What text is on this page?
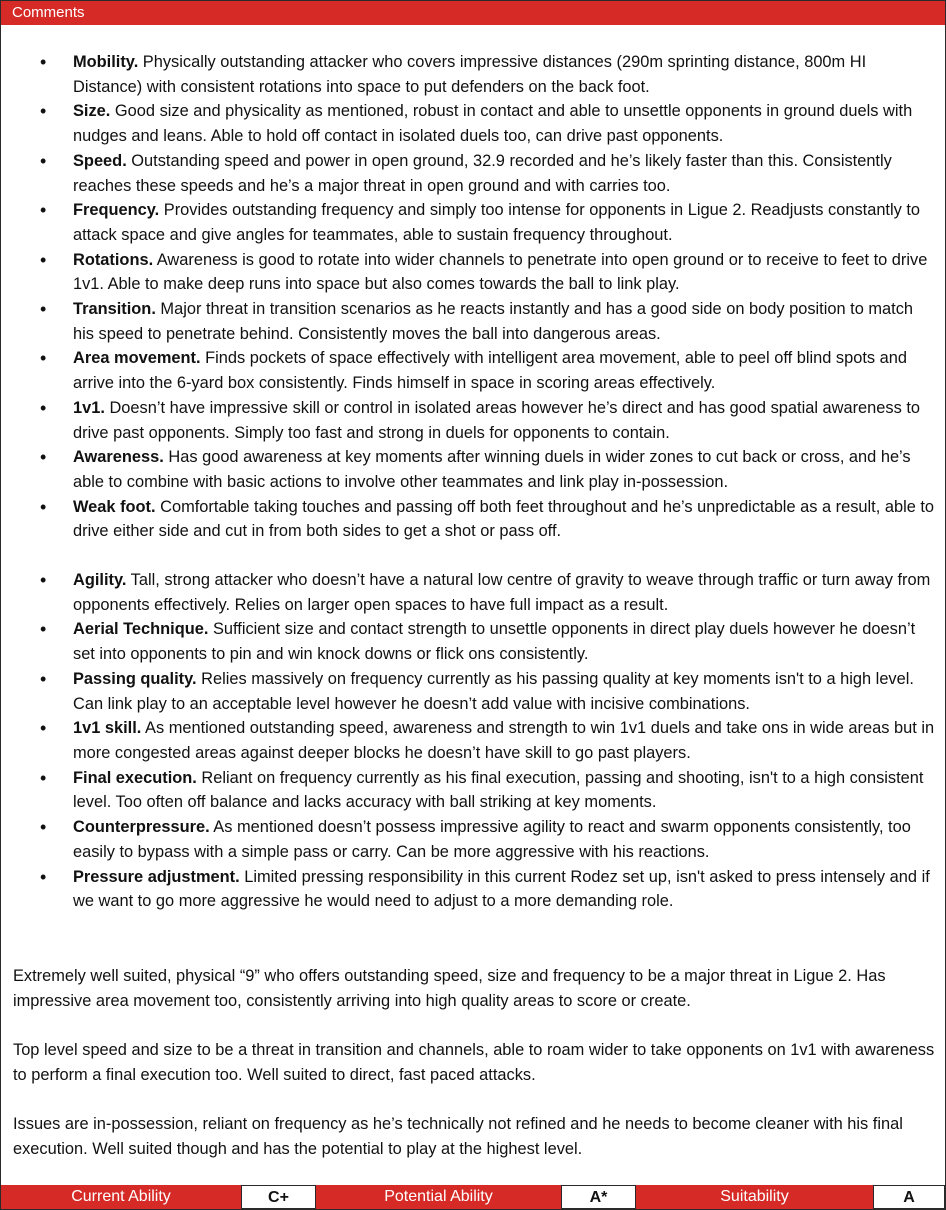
Comments
• Mobility. Physically outstanding attacker who covers impressive distances (290m sprinting distance, 800m HI Distance) with consistent rotations into space to put defenders on the back foot.
• Size. Good size and physicality as mentioned, robust in contact and able to unsettle opponents in ground duels with nudges and leans. Able to hold off contact in isolated duels too, can drive past opponents.
• Speed. Outstanding speed and power in open ground, 32.9 recorded and he’s likely faster than this. Consistently reaches these speeds and he’s a major threat in open ground and with carries too.
• Frequency. Provides outstanding frequency and simply too intense for opponents in Ligue 2. Readjusts constantly to attack space and give angles for teammates, able to sustain frequency throughout.
• Rotations. Awareness is good to rotate into wider channels to penetrate into open ground or to receive to feet to drive 1v1. Able to make deep runs into space but also comes towards the ball to link play.
• Transition. Major threat in transition scenarios as he reacts instantly and has a good side on body position to match his speed to penetrate behind. Consistently moves the ball into dangerous areas.
• Area movement. Finds pockets of space effectively with intelligent area movement, able to peel off blind spots and arrive into the 6-yard box consistently. Finds himself in space in scoring areas effectively.
• 1v1. Doesn’t have impressive skill or control in isolated areas however he’s direct and has good spatial awareness to drive past opponents. Simply too fast and strong in duels for opponents to contain.
• Awareness. Has good awareness at key moments after winning duels in wider zones to cut back or cross, and he’s able to combine with basic actions to involve other teammates and link play in-possession.
• Weak foot. Comfortable taking touches and passing off both feet throughout and he’s unpredictable as a result, able to drive either side and cut in from both sides to get a shot or pass off.
• Agility. Tall, strong attacker who doesn’t have a natural low centre of gravity to weave through traffic or turn away from opponents effectively. Relies on larger open spaces to have full impact as a result.
• Aerial Technique. Sufficient size and contact strength to unsettle opponents in direct play duels however he doesn’t set into opponents to pin and win knock downs or flick ons consistently.
• Passing quality. Relies massively on frequency currently as his passing quality at key moments isn't to a high level. Can link play to an acceptable level however he doesn’t add value with incisive combinations.
• 1v1 skill. As mentioned outstanding speed, awareness and strength to win 1v1 duels and take ons in wide areas but in more congested areas against deeper blocks he doesn’t have skill to go past players.
• Final execution. Reliant on frequency currently as his final execution, passing and shooting, isn't to a high consistent level. Too often off balance and lacks accuracy with ball striking at key moments.
• Counterpressure. As mentioned doesn’t possess impressive agility to react and swarm opponents consistently, too easily to bypass with a simple pass or carry. Can be more aggressive with his reactions.
• Pressure adjustment. Limited pressing responsibility in this current Rodez set up, isn't asked to press intensely and if we want to go more aggressive he would need to adjust to a more demanding role.

Extremely well suited, physical “9” who offers outstanding speed, size and frequency to be a major threat in Ligue 2. Has impressive area movement too, consistently arriving into high quality areas to score or create.

Top level speed and size to be a threat in transition and channels, able to roam wider to take opponents on 1v1 with awareness to perform a final execution too. Well suited to direct, fast paced attacks.

Issues are in-possession, reliant on frequency as he’s technically not refined and he needs to become cleaner with his final execution. Well suited though and has the potential to play at the highest level.

Current Ability	C+	Potential Ability	A*	Suitability	A
